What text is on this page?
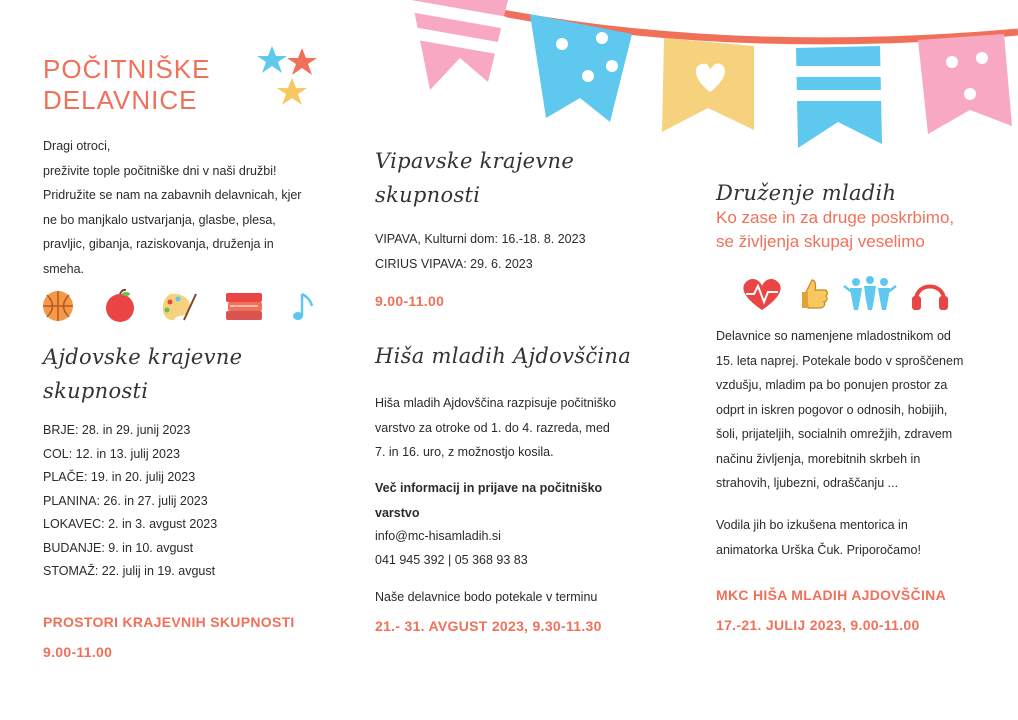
POČITNIŠKE
DELAVNICE
Dragi otroci,
preživite tople počitniške dni v naši družbi!
Pridružite se nam na zabavnih delavnicah, kjer
ne bo manjkalo ustvarjanja, glasbe, plesa,
pravljic, gibanja, raziskovanja, druženja in
smeha.
Ajdovske krajevne
skupnosti
BRJE: 28. in 29. junij 2023
COL: 12. in 13. julij 2023
PLAČE: 19. in 20. julij 2023
PLANINA: 26. in 27. julij 2023
LOKAVEC: 2. in 3. avgust 2023
BUDANJE: 9. in 10. avgust
STOMAŽ: 22. julij in 19. avgust
PROSTORI KRAJEVNIH SKUPNOSTI
9.00-11.00
Vipavske krajevne
skupnosti
VIPAVA, Kulturni dom: 16.-18. 8. 2023
CIRIUS VIPAVA: 29. 6. 2023
9.00-11.00
Hiša mladih Ajdovščina
Hiša mladih Ajdovščina razpisuje počitniško
varstvo za otroke od 1. do 4. razreda, med
7. in 16. uro, z možnostjo kosila.
Več informacij in prijave na počitniško
varstvo
info@mc-hisamladih.si
041 945 392 | 05 368 93 83
Naše delavnice bodo potekale v terminu
21.- 31. AVGUST 2023, 9.30-11.30
Druženje mladih
Ko zase in za druge poskrbimo,
se življenja skupaj veselimo
Delavnice so namenjene mladostnikom od
15. leta naprej. Potekale bodo v sproščenem
vzdušju, mladim pa bo ponujen prostor za
odprt in iskren pogovor o odnosih, hobijih,
šoli, prijateljih, socialnih omrežjih, zdravem
načinu življenja, morebitnih skrbeh in
strahovih, ljubezni, odraščanju ...
Vodila jih bo izkušena mentorica in
animatorka Urška Čuk. Priporočamo!
MKC HIŠA MLADIH AJDOVŠČINA
17.-21. JULIJ 2023, 9.00-11.00
